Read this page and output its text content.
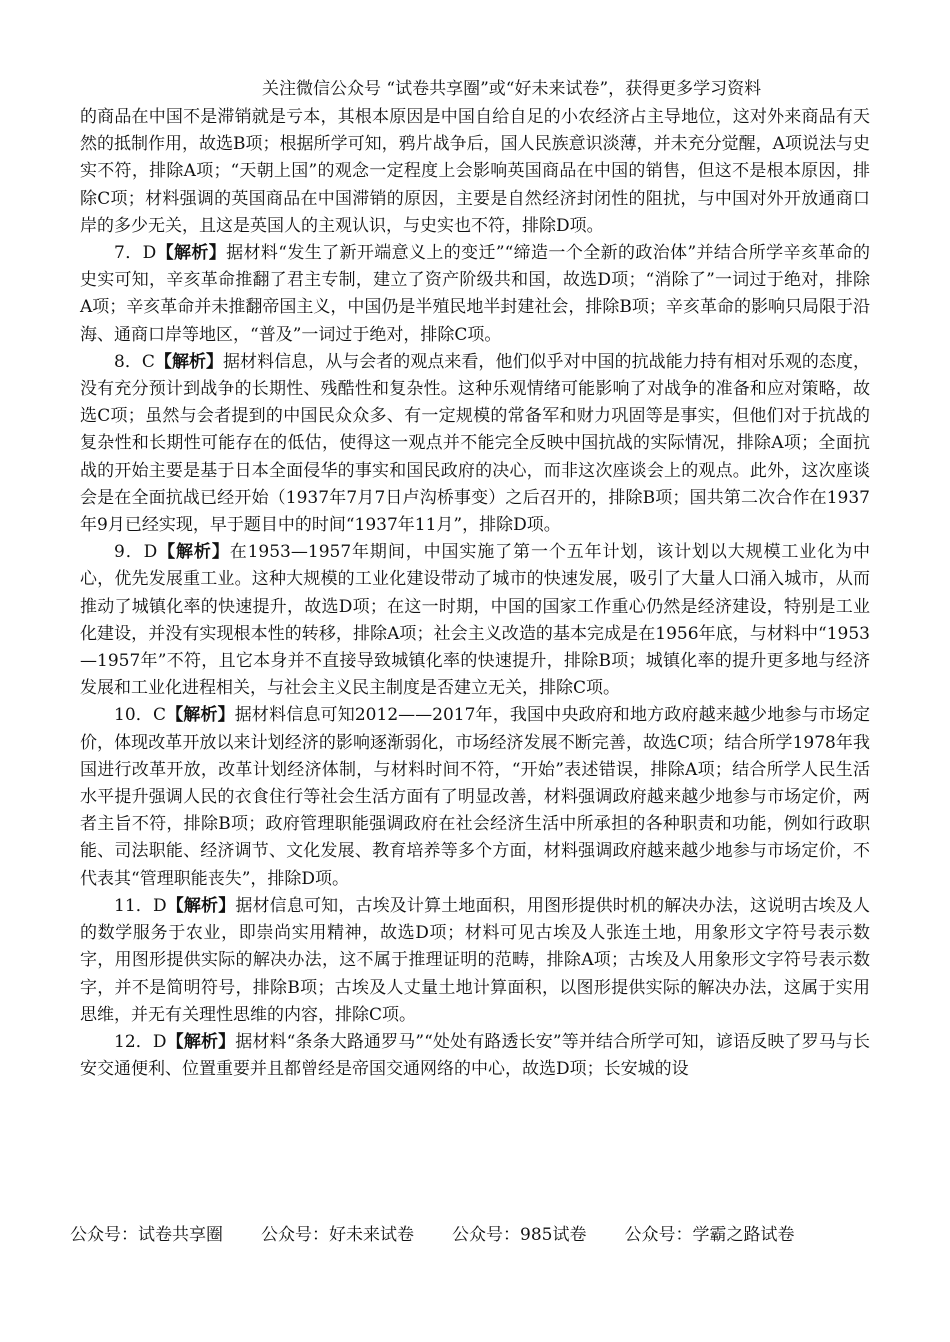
关注微信公众号 “试卷共享圈”或“好未来试卷”，获得更多学习资料

的商品在中国不是滞销就是亏本，其根本原因是中国自给自足的小农经济占主导地位，这对外来商品有天然的抵制作用，故选B项；根据所学可知，鸦片战争后，国人民族意识淡薄，并未充分觉醒，A项说法与史实不符，排除A项；“天朝上国”的观念一定程度上会影响英国商品在中国的销售，但这不是根本原因，排除C项；材料强调的英国商品在中国滞销的原因，主要是自然经济封闭性的阻扰，与中国对外开放通商口岸的多少无关，且这是英国人的主观认识，与史实也不符，排除D项。

7．D【解析】据材料“发生了新开端意义上的变迁”“缔造一个全新的政治体”并结合所学辛亥革命的史实可知，辛亥革命推翻了君主专制，建立了资产阶级共和国，故选D项；“消除了”一词过于绝对，排除A项；辛亥革命并未推翻帝国主义，中国仍是半殖民地半封建社会，排除B项；辛亥革命的影响只局限于沿海、通商口岸等地区，“普及”一词过于绝对，排除C项。

8．C【解析】据材料信息，从与会者的观点来看，他们似乎对中国的抗战能力持有相对乐观的态度，没有充分预计到战争的长期性、残酷性和复杂性。这种乐观情绪可能影响了对战争的准备和应对策略，故选C项；虽然与会者提到的中国民众众多、有一定规模的常备军和财力巩固等是事实，但他们对于抗战的复杂性和长期性可能存在的低估，使得这一观点并不能完全反映中国抗战的实际情况，排除A项；全面抗战的开始主要是基于日本全面侵华的事实和国民政府的决心，而非这次座谈会上的观点。此外，这次座谈会是在全面抗战已经开始（1937年7月7日卢沟桥事变）之后召开的，排除B项；国共第二次合作在1937年9月已经实现，早于题目中的时间“1937年11月”，排除D项。

9．D【解析】在1953—1957年期间，中国实施了第一个五年计划，该计划以大规模工业化为中心，优先发展重工业。这种大规模的工业化建设带动了城市的快速发展，吸引了大量人口涌入城市，从而推动了城镇化率的快速提升，故选D项；在这一时期，中国的国家工作重心仍然是经济建设，特别是工业化建设，并没有实现根本性的转移，排除A项；社会主义改造的基本完成是在1956年底，与材料中“1953—1957年”不符，且它本身并不直接导致城镇化率的快速提升，排除B项；城镇化率的提升更多地与经济发展和工业化进程相关，与社会主义民主制度是否建立无关，排除C项。

10．C【解析】据材料信息可知2012——2017年，我国中央政府和地方政府越来越少地参与市场定价，体现改革开放以来计划经济的影响逐渐弱化，市场经济发展不断完善，故选C项；结合所学1978年我国进行改革开放，改革计划经济体制，与材料时间不符，“开始”表述错误，排除A项；结合所学人民生活水平提升强调人民的衣食住行等社会生活方面有了明显改善，材料强调政府越来越少地参与市场定价，两者主旨不符，排除B项；政府管理职能强调政府在社会经济生活中所承担的各种职责和功能，例如行政职能、司法职能、经济调节、文化发展、教育培养等多个方面，材料强调政府越来越少地参与市场定价，不代表其“管理职能丧失”，排除D项。

11．D【解析】据材信息可知，古埃及计算土地面积，用图形提供时机的解决办法，这说明古埃及人的数学服务于农业，即崇尚实用精神，故选D项；材料可见古埃及人张连土地，用象形文字符号表示数字，用图形提供实际的解决办法，这不属于推理证明的范畴，排除A项；古埃及人用象形文字符号表示数字，并不是简明符号，排除B项；古埃及人丈量土地计算面积，以图形提供实际的解决办法，这属于实用思维，并无有关理性思维的内容，排除C项。

12．D【解析】据材料“条条大路通罗马”“处处有路透长安”等并结合所学可知，谚语反映了罗马与长安交通便利、位置重要并且都曾经是帝国交通网络的中心，故选D项；长安城的设

公众号：试卷共享圈 公众号：好未来试卷 公众号：985试卷 公众号：学霸之路试卷
